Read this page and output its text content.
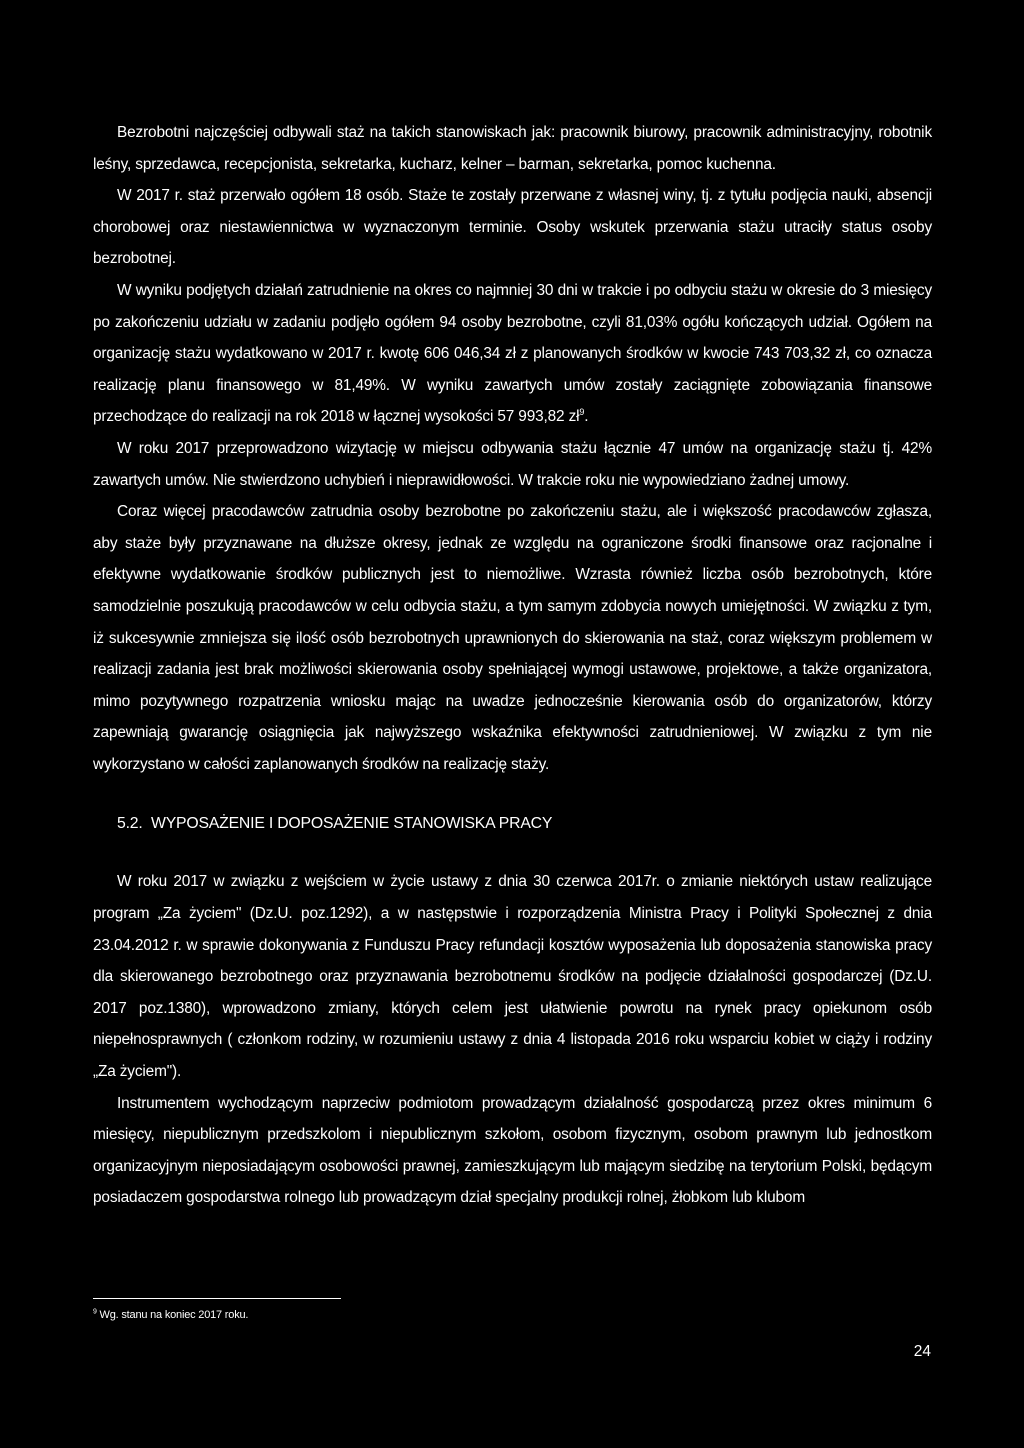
Bezrobotni najczęściej odbywali staż na takich stanowiskach jak: pracownik biurowy, pracownik administracyjny, robotnik leśny, sprzedawca, recepcjonista, sekretarka, kucharz, kelner – barman, sekretarka, pomoc kuchenna.

W 2017 r. staż przerwało ogółem 18 osób. Staże te zostały przerwane z własnej winy, tj. z tytułu podjęcia nauki, absencji chorobowej oraz niestawiennictwa w wyznaczonym terminie. Osoby wskutek przerwania stażu utraciły status osoby bezrobotnej.

W wyniku podjętych działań zatrudnienie na okres co najmniej 30 dni w trakcie i po odbyciu stażu w okresie do 3 miesięcy po zakończeniu udziału w zadaniu podjęło ogółem 94 osoby bezrobotne, czyli 81,03% ogółu kończących udział. Ogółem na organizację stażu wydatkowano w 2017 r. kwotę 606 046,34 zł z planowanych środków w kwocie 743 703,32 zł, co oznacza realizację planu finansowego w 81,49%. W wyniku zawartych umów zostały zaciągnięte zobowiązania finansowe przechodzące do realizacji na rok 2018 w łącznej wysokości 57 993,82 $zł^9$.

W roku 2017 przeprowadzono wizytację w miejscu odbywania stażu łącznie 47 umów na organizację stażu tj. 42% zawartych umów. Nie stwierdzono uchybień i nieprawidłowości. W trakcie roku nie wypowiedziano żadnej umowy.

Coraz więcej pracodawców zatrudnia osoby bezrobotne po zakończeniu stażu, ale i większość pracodawców zgłasza, aby staże były przyznawane na dłuższe okresy, jednak ze względu na ograniczone środki finansowe oraz racjonalne i efektywne wydatkowanie środków publicznych jest to niemożliwe. Wzrasta również liczba osób bezrobotnych, które samodzielnie poszukują pracodawców w celu odbycia stażu, a tym samym zdobycia nowych umiejętności. W związku z tym, iż sukcesywnie zmniejsza się ilość osób bezrobotnych uprawnionych do skierowania na staż, coraz większym problemem w realizacji zadania jest brak możliwości skierowania osoby spełniającej wymogi ustawowe, projektowe, a także organizatora, mimo pozytywnego rozpatrzenia wniosku mając na uwadze jednocześnie kierowania osób do organizatorów, którzy zapewniają gwarancję osiągnięcia jak najwyższego wskaźnika efektywności zatrudnieniowej. W związku z tym nie wykorzystano w całości zaplanowanych środków na realizację staży.

5.2. WYPOSAŻENIE I DOPOSAŻENIE STANOWISKA PRACY

W roku 2017 w związku z wejściem w życie ustawy z dnia 30 czerwca 2017r. o zmianie niektórych ustaw realizujące program „Za życiem" (Dz.U. poz.1292), a w następstwie i rozporządzenia Ministra Pracy i Polityki Społecznej z dnia 23.04.2012 r. w sprawie dokonywania z Funduszu Pracy refundacji kosztów wyposażenia lub doposażenia stanowiska pracy dla skierowanego bezrobotnego oraz przyznawania bezrobotnemu środków na podjęcie działalności gospodarczej (Dz.U. 2017 poz.1380), wprowadzono zmiany, których celem jest ułatwienie powrotu na rynek pracy opiekunom osób niepełnosprawnych ( członkom rodziny, w rozumieniu ustawy z dnia 4 listopada 2016 roku wsparciu kobiet w ciąży i rodziny „Za życiem").

Instrumentem wychodzącym naprzeciw podmiotom prowadzącym działalność gospodarczą przez okres minimum 6 miesięcy, niepublicznym przedszkolom i niepublicznym szkołom, osobom fizycznym, osobom prawnym lub jednostkom organizacyjnym nieposiadającym osobowości prawnej, zamieszkującym lub mającym siedzibę na terytorium Polski, będącym posiadaczem gospodarstwa rolnego lub prowadzącym dział specjalny produkcji rolnej, żłobkom lub klubom

$^9$ Wg. stanu na koniec 2017 roku.
24
